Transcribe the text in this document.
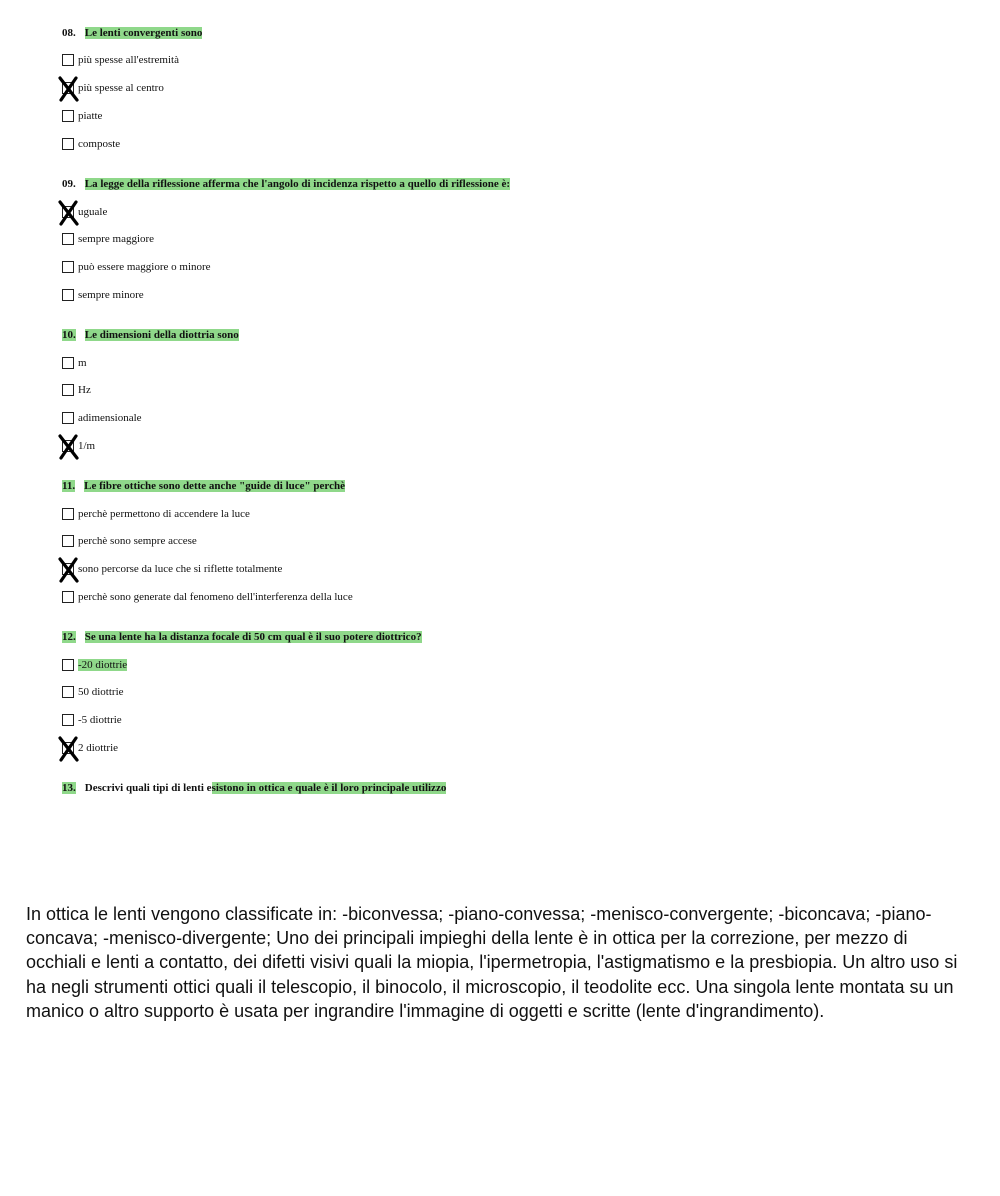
08. Le lenti convergenti sono
più spesse all'estremità
più spesse al centro
piatte
composte
09. La legge della riflessione afferma che l'angolo di incidenza rispetto a quello di riflessione è:
uguale
sempre maggiore
può essere maggiore o minore
sempre minore
10. Le dimensioni della diottria sono
m
Hz
adimensionale
1/m
11. Le fibre ottiche sono dette anche "guide di luce" perchè
perchè permettono di accendere la luce
perchè sono sempre accese
sono percorse da luce che si riflette totalmente
perchè sono generate dal fenomeno dell'interferenza della luce
12. Se una lente ha la distanza focale di 50 cm qual è il suo potere diottrico?
-20 diottrie
50 diottrie
-5 diottrie
2 diottrie
13. Descrivi quali tipi di lenti esistono in ottica e quale è il loro principale utilizzo
In ottica le lenti vengono classificate in: -biconvessa; -piano-convessa; -menisco-convergente; -biconcava; -piano- concava; -menisco-divergente; Uno dei principali impieghi della lente è in ottica per la correzione, per mezzo di occhiali e lenti a contatto, dei difetti visivi quali la miopia, l'ipermetropia, l'astigmatismo e la presbiopia. Un altro uso si ha negli strumenti ottici quali il telescopio, il binocolo, il microscopio, il teodolite ecc. Una singola lente montata su un manico o altro supporto è usata per ingrandire l'immagine di oggetti e scritte (lente d'ingrandimento).
